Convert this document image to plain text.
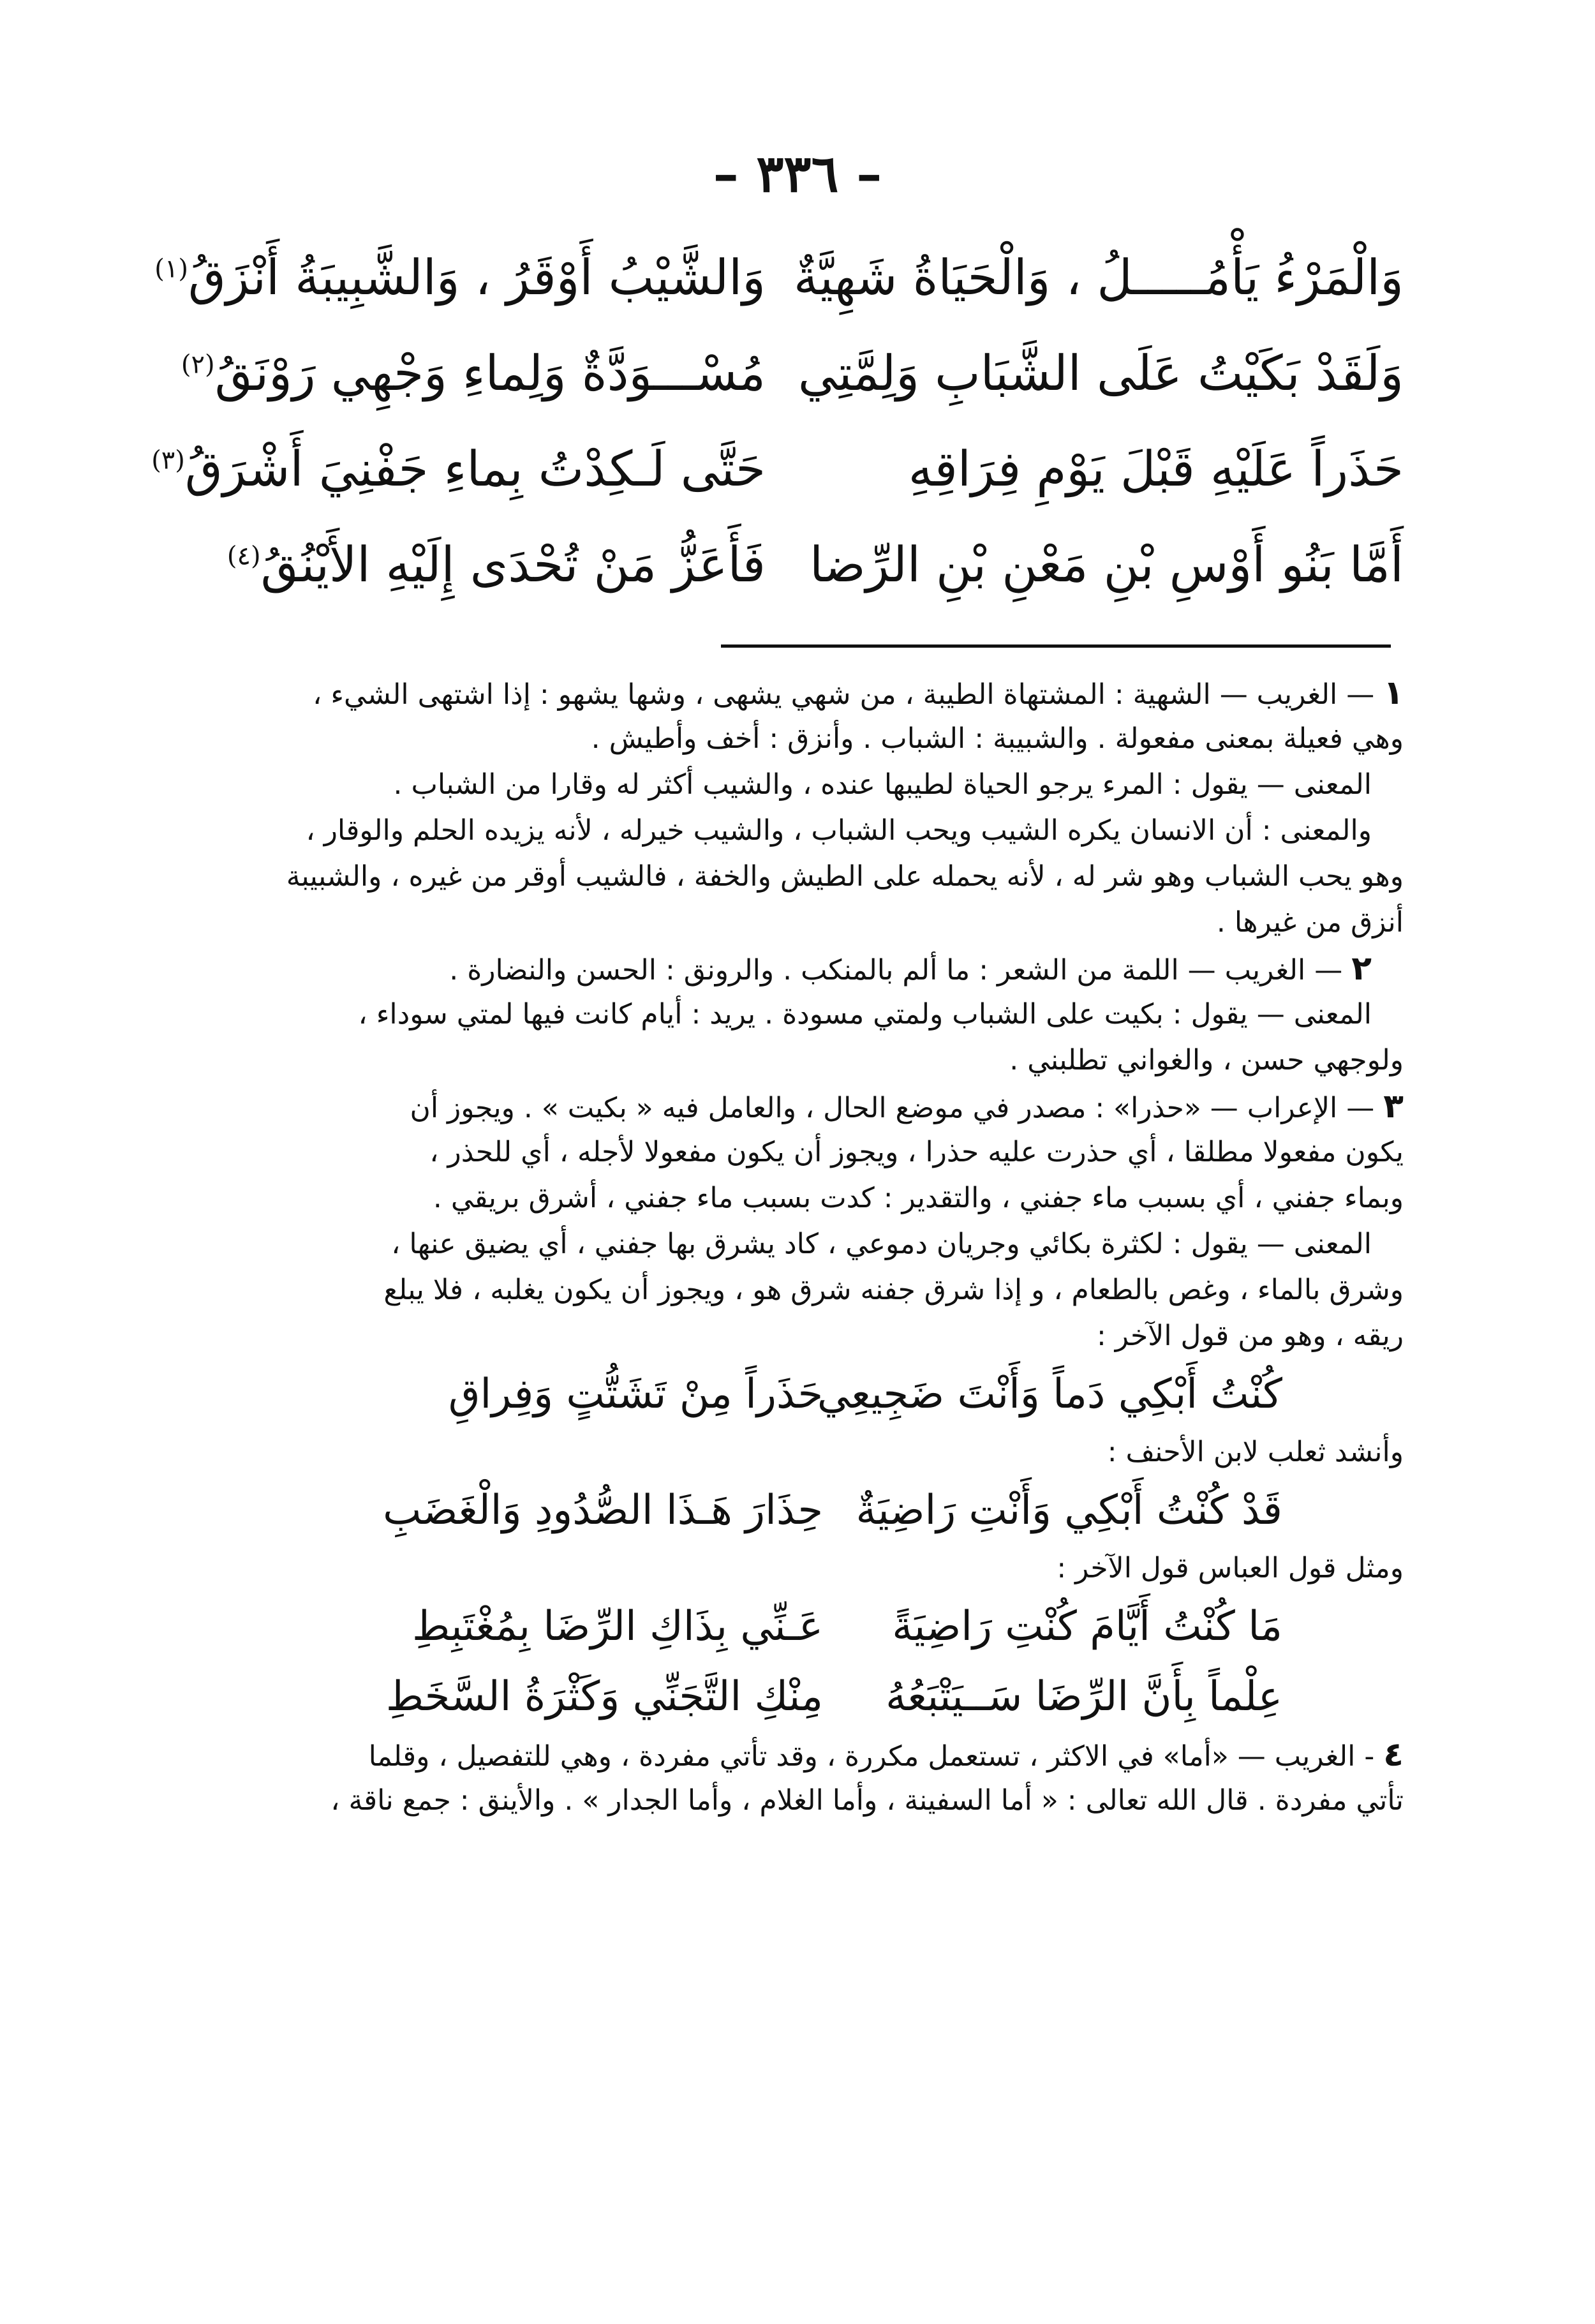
– ٣٣٦ –
وَالْمَرْءُ يَأْمُـــــلُ ، وَالْحَيَاةُ شَهِيَّةٌ
وَالشَّيْبُ أَوْقَرُ ، وَالشَّبِيبَةُ أَنْزَقُ$^{(١)}$
وَلَقَدْ بَكَيْتُ عَلَى الشَّبَابِ وَلِمَّتِي
مُسْـــوَدَّةٌ وَلِماءِ وَجْهِي رَوْنَقُ$^{(٢)}$
حَذَراً عَلَيْهِ قَبْلَ يَوْمِ فِرَاقِهِ
حَتَّى لَـكِدْتُ بِماءِ جَفْنِيَ أَشْرَقُ$^{(٣)}$
أَمَّا بَنُو أَوْسِ بْنِ مَعْنِ بْنِ الرِّضا
فَأَعَزُّ مَنْ تُحْدَى إِلَيْهِ الأَيْنُقُ$^{(٤)}$
١ — الغريب — الشهية : المشتهاة الطيبة ، من شهي يشهى ، وشها يشهو : إذا اشتهى الشيء ،
وهي فعيلة بمعنى مفعولة . والشبيبة : الشباب . وأنزق : أخف وأطيش .
المعنى — يقول : المرء يرجو الحياة لطيبها عنده ، والشيب أكثر له وقارا من الشباب .
والمعنى : أن الانسان يكره الشيب ويحب الشباب ، والشيب خيرله ، لأنه يزيده الحلم والوقار ،
وهو يحب الشباب وهو شر له ، لأنه يحمله على الطيش والخفة ، فالشيب أوقر من غيره ، والشبيبة
أنزق من غيرها .
٢ — الغريب — اللمة من الشعر : ما ألم بالمنكب . والرونق : الحسن والنضارة .
المعنى — يقول : بكيت على الشباب ولمتي مسودة . يريد : أيام كانت فيها لمتي سوداء ،
ولوجهي حسن ، والغواني تطلبني .
٣ — الإعراب — «حذرا» : مصدر في موضع الحال ، والعامل فيه « بكيت » . ويجوز أن
يكون مفعولا مطلقا ، أي حذرت عليه حذرا ، ويجوز أن يكون مفعولا لأجله ، أي للحذر ،
وبماء جفني ، أي بسبب ماء جفني ، والتقدير : كدت بسبب ماء جفني ، أشرق بريقي .
المعنى — يقول : لكثرة بكائي وجريان دموعي ، كاد يشرق بها جفني ، أي يضيق عنها ،
وشرق بالماء ، وغص بالطعام ، و إذا شرق جفنه شرق هو ، ويجوز أن يكون يغلبه ، فلا يبلع
ريقه ، وهو من قول الآخر :
كُنْتُ أَبْكِي دَماً وَأَنْتَ ضَجِيعِي
حَذَراً مِنْ تَشَتُّتٍ وَفِراقِ
وأنشد ثعلب لابن الأحنف :
قَدْ كُنْتُ أَبْكِي وَأَنْتِ رَاضِيَةٌ
حِذَارَ هَـذَا الصُّدُودِ وَالْغَضَبِ
ومثل قول العباس قول الآخر :
مَا كُنْتُ أَيَّامَ كُنْتِ رَاضِيَةً
عَـنِّي بِذَاكِ الرِّضَا بِمُغْتَبِطِ
عِلْماً بِأَنَّ الرِّضَا سَــيَتْبَعُهُ
مِنْكِ التَّجَنِّي وَكَثْرَةُ السَّخَطِ
٤ - الغريب — «أما» في الاكثر ، تستعمل مكررة ، وقد تأتي مفردة ، وهي للتفصيل ، وقلما
تأتي مفردة . قال الله تعالى : « أما السفينة ، وأما الغلام ، وأما الجدار » . والأينق : جمع ناقة ،
